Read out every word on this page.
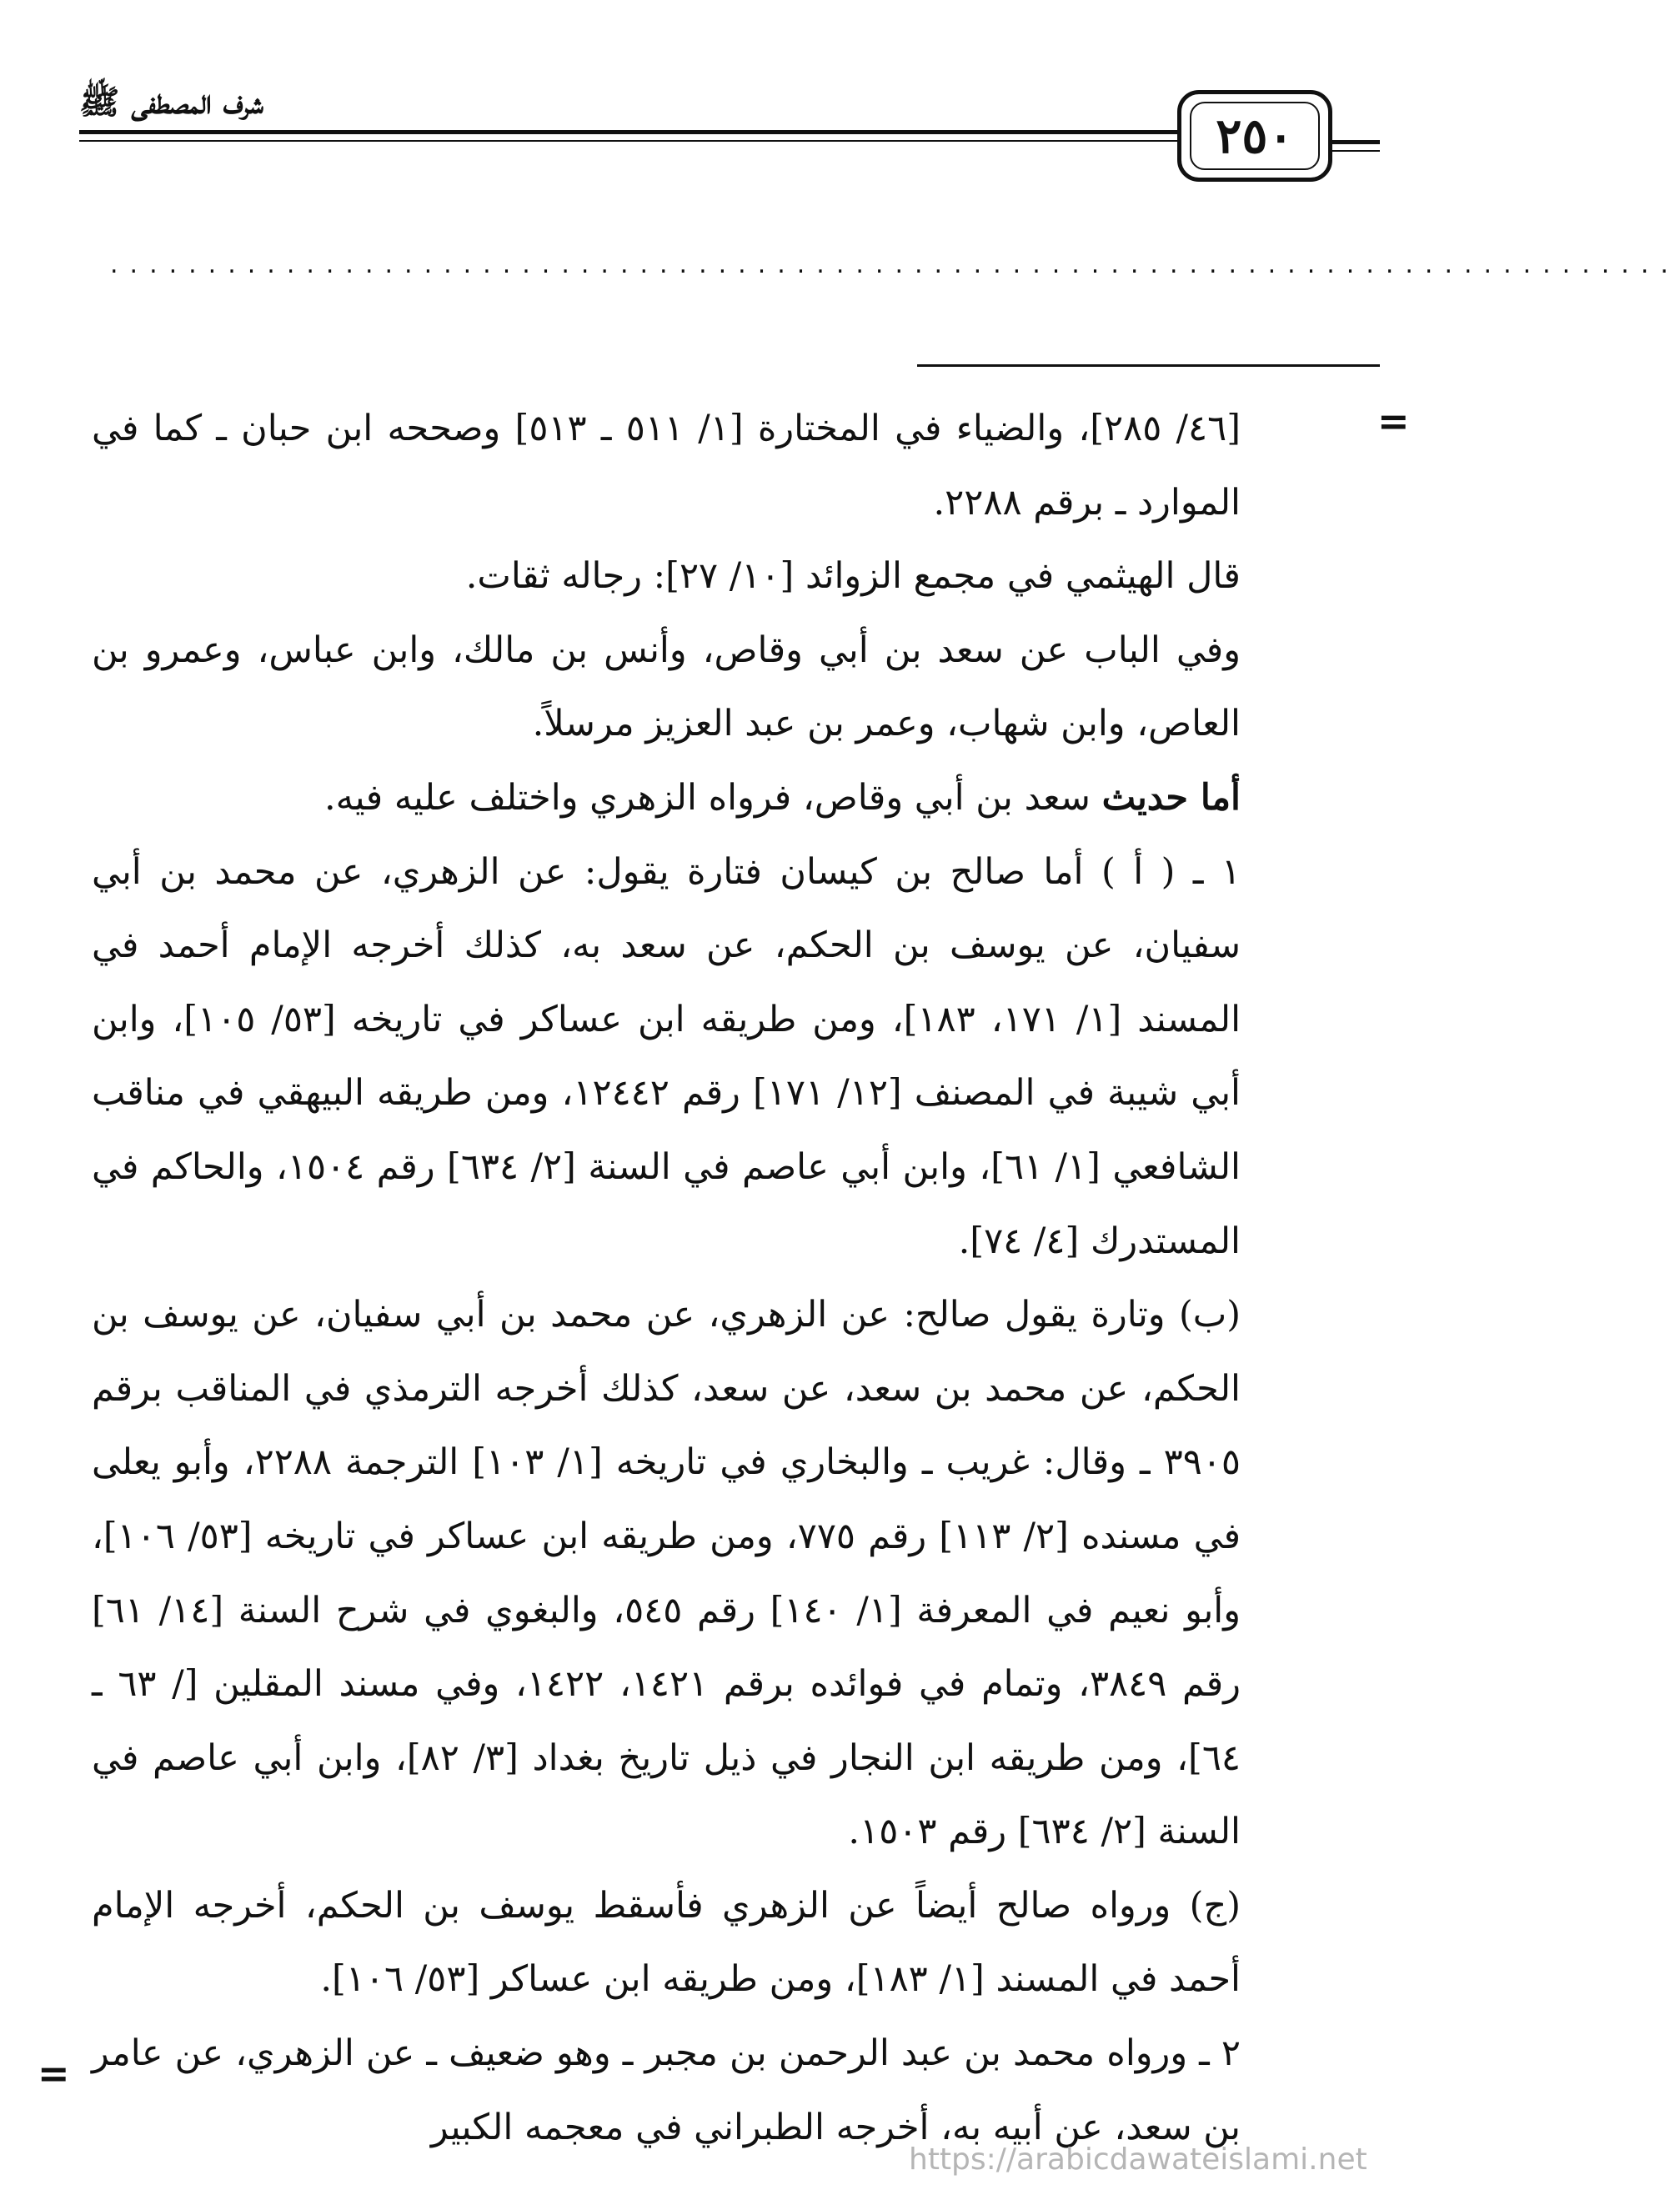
شرف المصطفى ﷺ
٢٥٠
................................................................................
=
=

[٤٦/ ٢٨٥]، والضياء في المختارة [١/ ٥١١ ـ ٥١٣] وصححه ابن حبان ـ كما في الموارد ـ برقم ٢٢٨٨.

قال الهيثمي في مجمع الزوائد [١٠/ ٢٧]: رجاله ثقات.

وفي الباب عن سعد بن أبي وقاص، وأنس بن مالك، وابن عباس، وعمرو بن العاص، وابن شهاب، وعمر بن عبد العزيز مرسلاً.

أما حديث سعد بن أبي وقاص، فرواه الزهري واختلف عليه فيه.

١ ـ ( أ ) أما صالح بن كيسان فتارة يقول: عن الزهري، عن محمد بن أبي سفيان، عن يوسف بن الحكم، عن سعد به، كذلك أخرجه الإمام أحمد في المسند [١/ ١٧١، ١٨٣]، ومن طريقه ابن عساكر في تاريخه [٥٣/ ١٠٥]، وابن أبي شيبة في المصنف [١٢/ ١٧١] رقم ١٢٤٤٢، ومن طريقه البيهقي في مناقب الشافعي [١/ ٦١]، وابن أبي عاصم في السنة [٢/ ٦٣٤] رقم ١٥٠٤، والحاكم في المستدرك [٤/ ٧٤].

(ب) وتارة يقول صالح: عن الزهري، عن محمد بن أبي سفيان، عن يوسف بن الحكم، عن محمد بن سعد، عن سعد، كذلك أخرجه الترمذي في المناقب برقم ٣٩٠٥ ـ وقال: غريب ـ والبخاري في تاريخه [١/ ١٠٣] الترجمة ٢٢٨٨، وأبو يعلى في مسنده [٢/ ١١٣] رقم ٧٧٥، ومن طريقه ابن عساكر في تاريخه [٥٣/ ١٠٦]، وأبو نعيم في المعرفة [١/ ١٤٠] رقم ٥٤٥، والبغوي في شرح السنة [١٤/ ٦١] رقم ٣٨٤٩، وتمام في فوائده برقم ١٤٢١، ١٤٢٢، وفي مسند المقلين [/ ٦٣ ـ ٦٤]، ومن طريقه ابن النجار في ذيل تاريخ بغداد [٣/ ٨٢]، وابن أبي عاصم في السنة [٢/ ٦٣٤] رقم ١٥٠٣.

(ج) ورواه صالح أيضاً عن الزهري فأسقط يوسف بن الحكم، أخرجه الإمام أحمد في المسند [١/ ١٨٣]، ومن طريقه ابن عساكر [٥٣/ ١٠٦].

٢ ـ ورواه محمد بن عبد الرحمن بن مجبر ـ وهو ضعيف ـ عن الزهري، عن عامر بن سعد، عن أبيه به، أخرجه الطبراني في معجمه الكبير

https://arabicdawateislami.net
